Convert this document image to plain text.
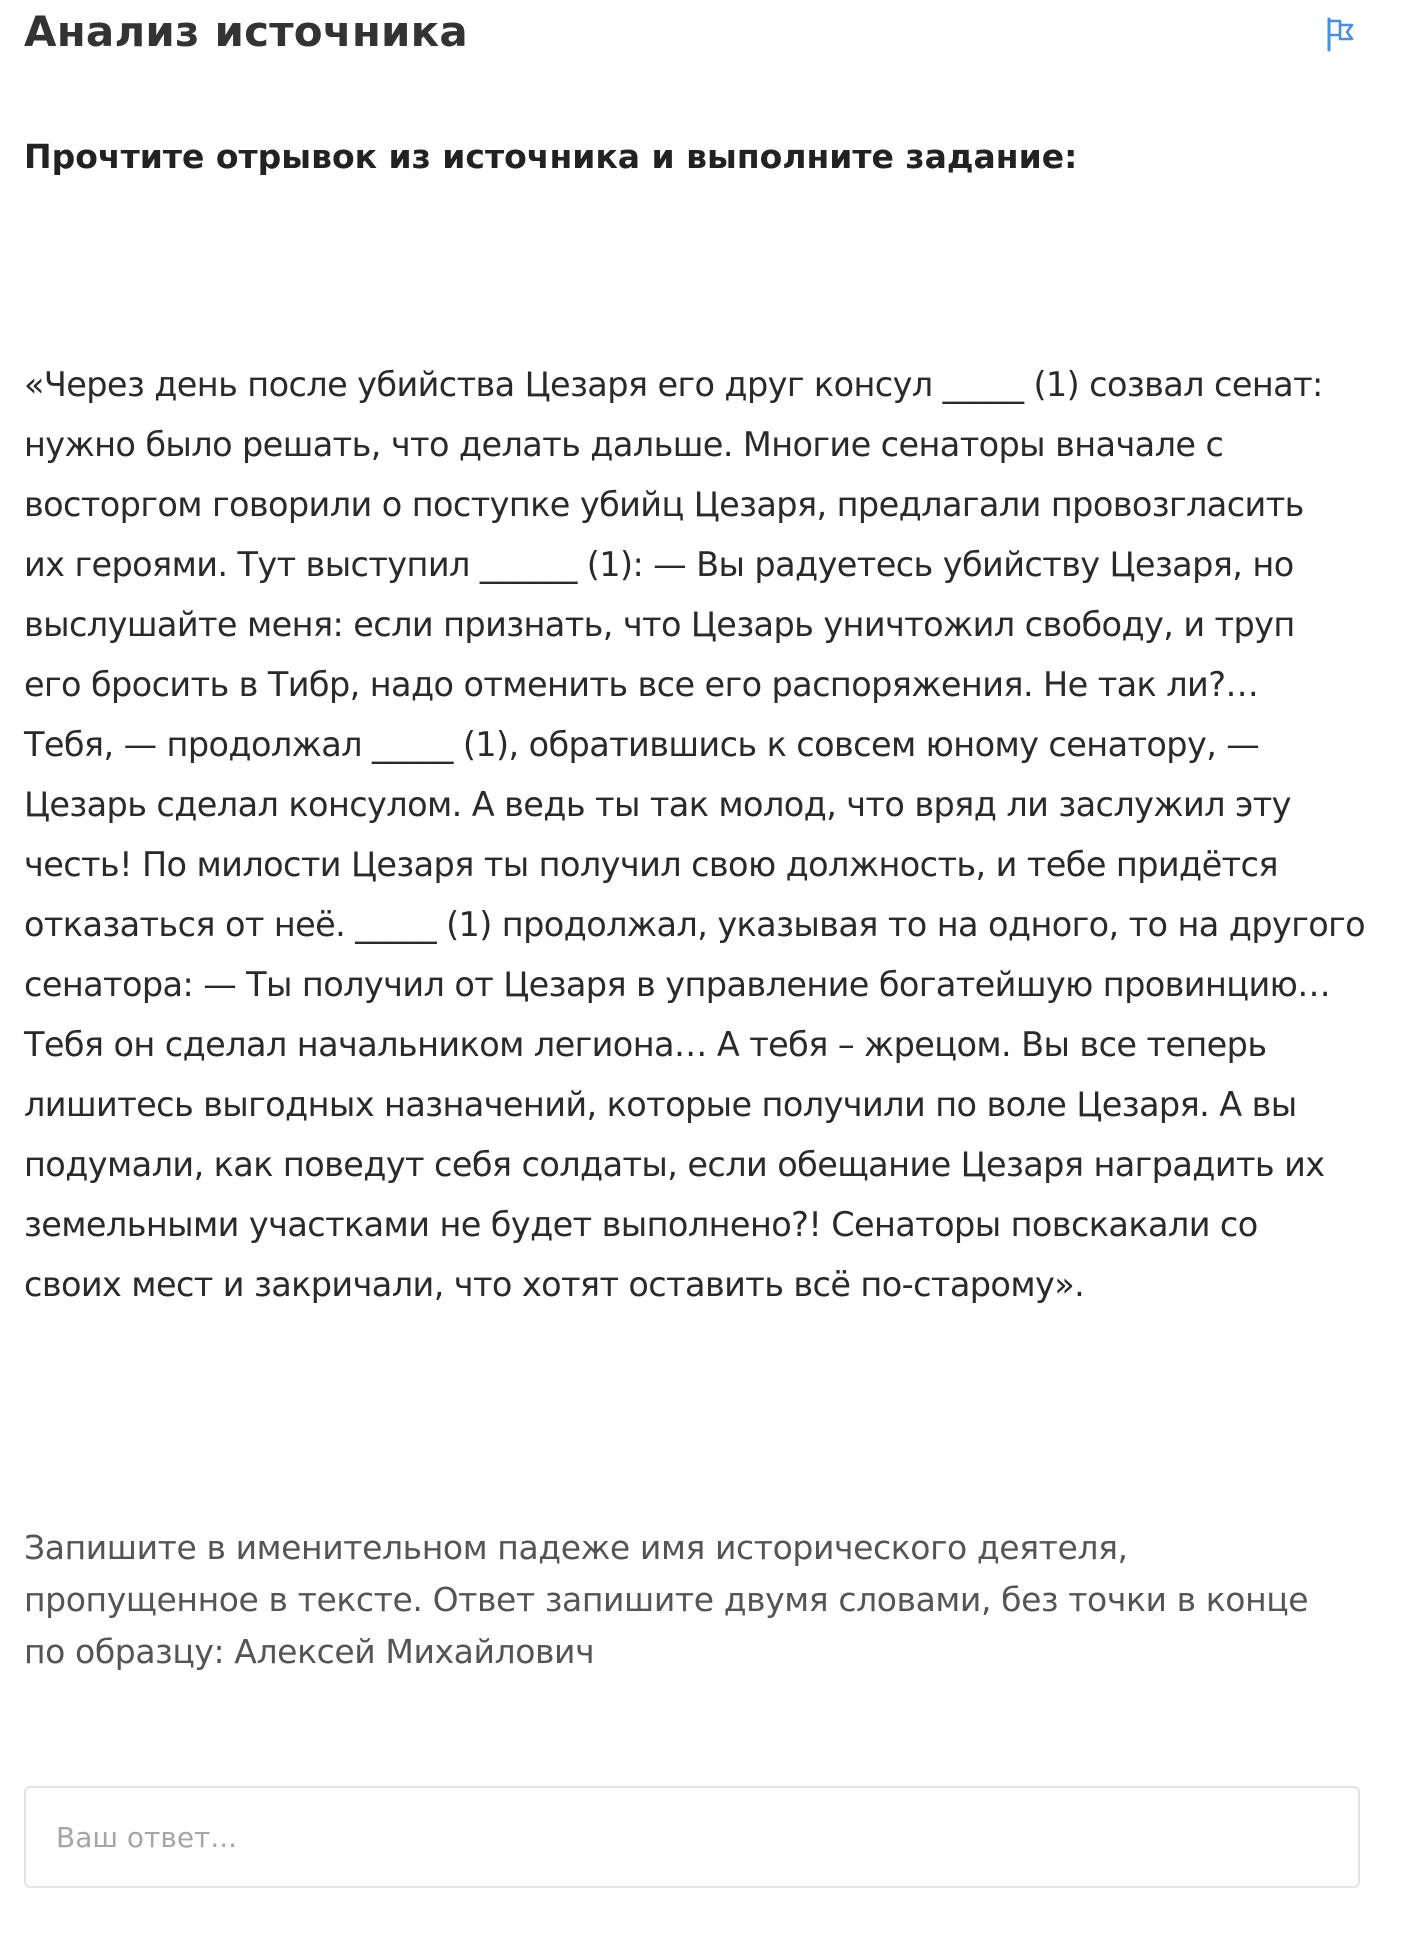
Анализ источника
Прочтите отрывок из источника и выполните задание:
«Через день после убийства Цезаря его друг консул _____ (1) созвал сенат:
нужно было решать, что делать дальше. Многие сенаторы вначале с
восторгом говорили о поступке убийц Цезаря, предлагали провозгласить
их героями. Тут выступил ______ (1): — Вы радуетесь убийству Цезаря, но
выслушайте меня: если признать, что Цезарь уничтожил свободу, и труп
его бросить в Тибр, надо отменить все его распоряжения. Не так ли?…
Тебя, — продолжал _____ (1), обратившись к совсем юному сенатору, —
Цезарь сделал консулом. А ведь ты так молод, что вряд ли заслужил эту
честь! По милости Цезаря ты получил свою должность, и тебе придётся
отказаться от неё. _____ (1) продолжал, указывая то на одного, то на другого
сенатора: — Ты получил от Цезаря в управление богатейшую провинцию…
Тебя он сделал начальником легиона… А тебя – жрецом. Вы все теперь
лишитесь выгодных назначений, которые получили по воле Цезаря. А вы
подумали, как поведут себя солдаты, если обещание Цезаря наградить их
земельными участками не будет выполнено?! Сенаторы повскакали со
своих мест и закричали, что хотят оставить всё по-старому».
Запишите в именительном падеже имя исторического деятеля,
пропущенное в тексте. Ответ запишите двумя словами, без точки в конце
по образцу: Алексей Михайлович
Ваш ответ...
